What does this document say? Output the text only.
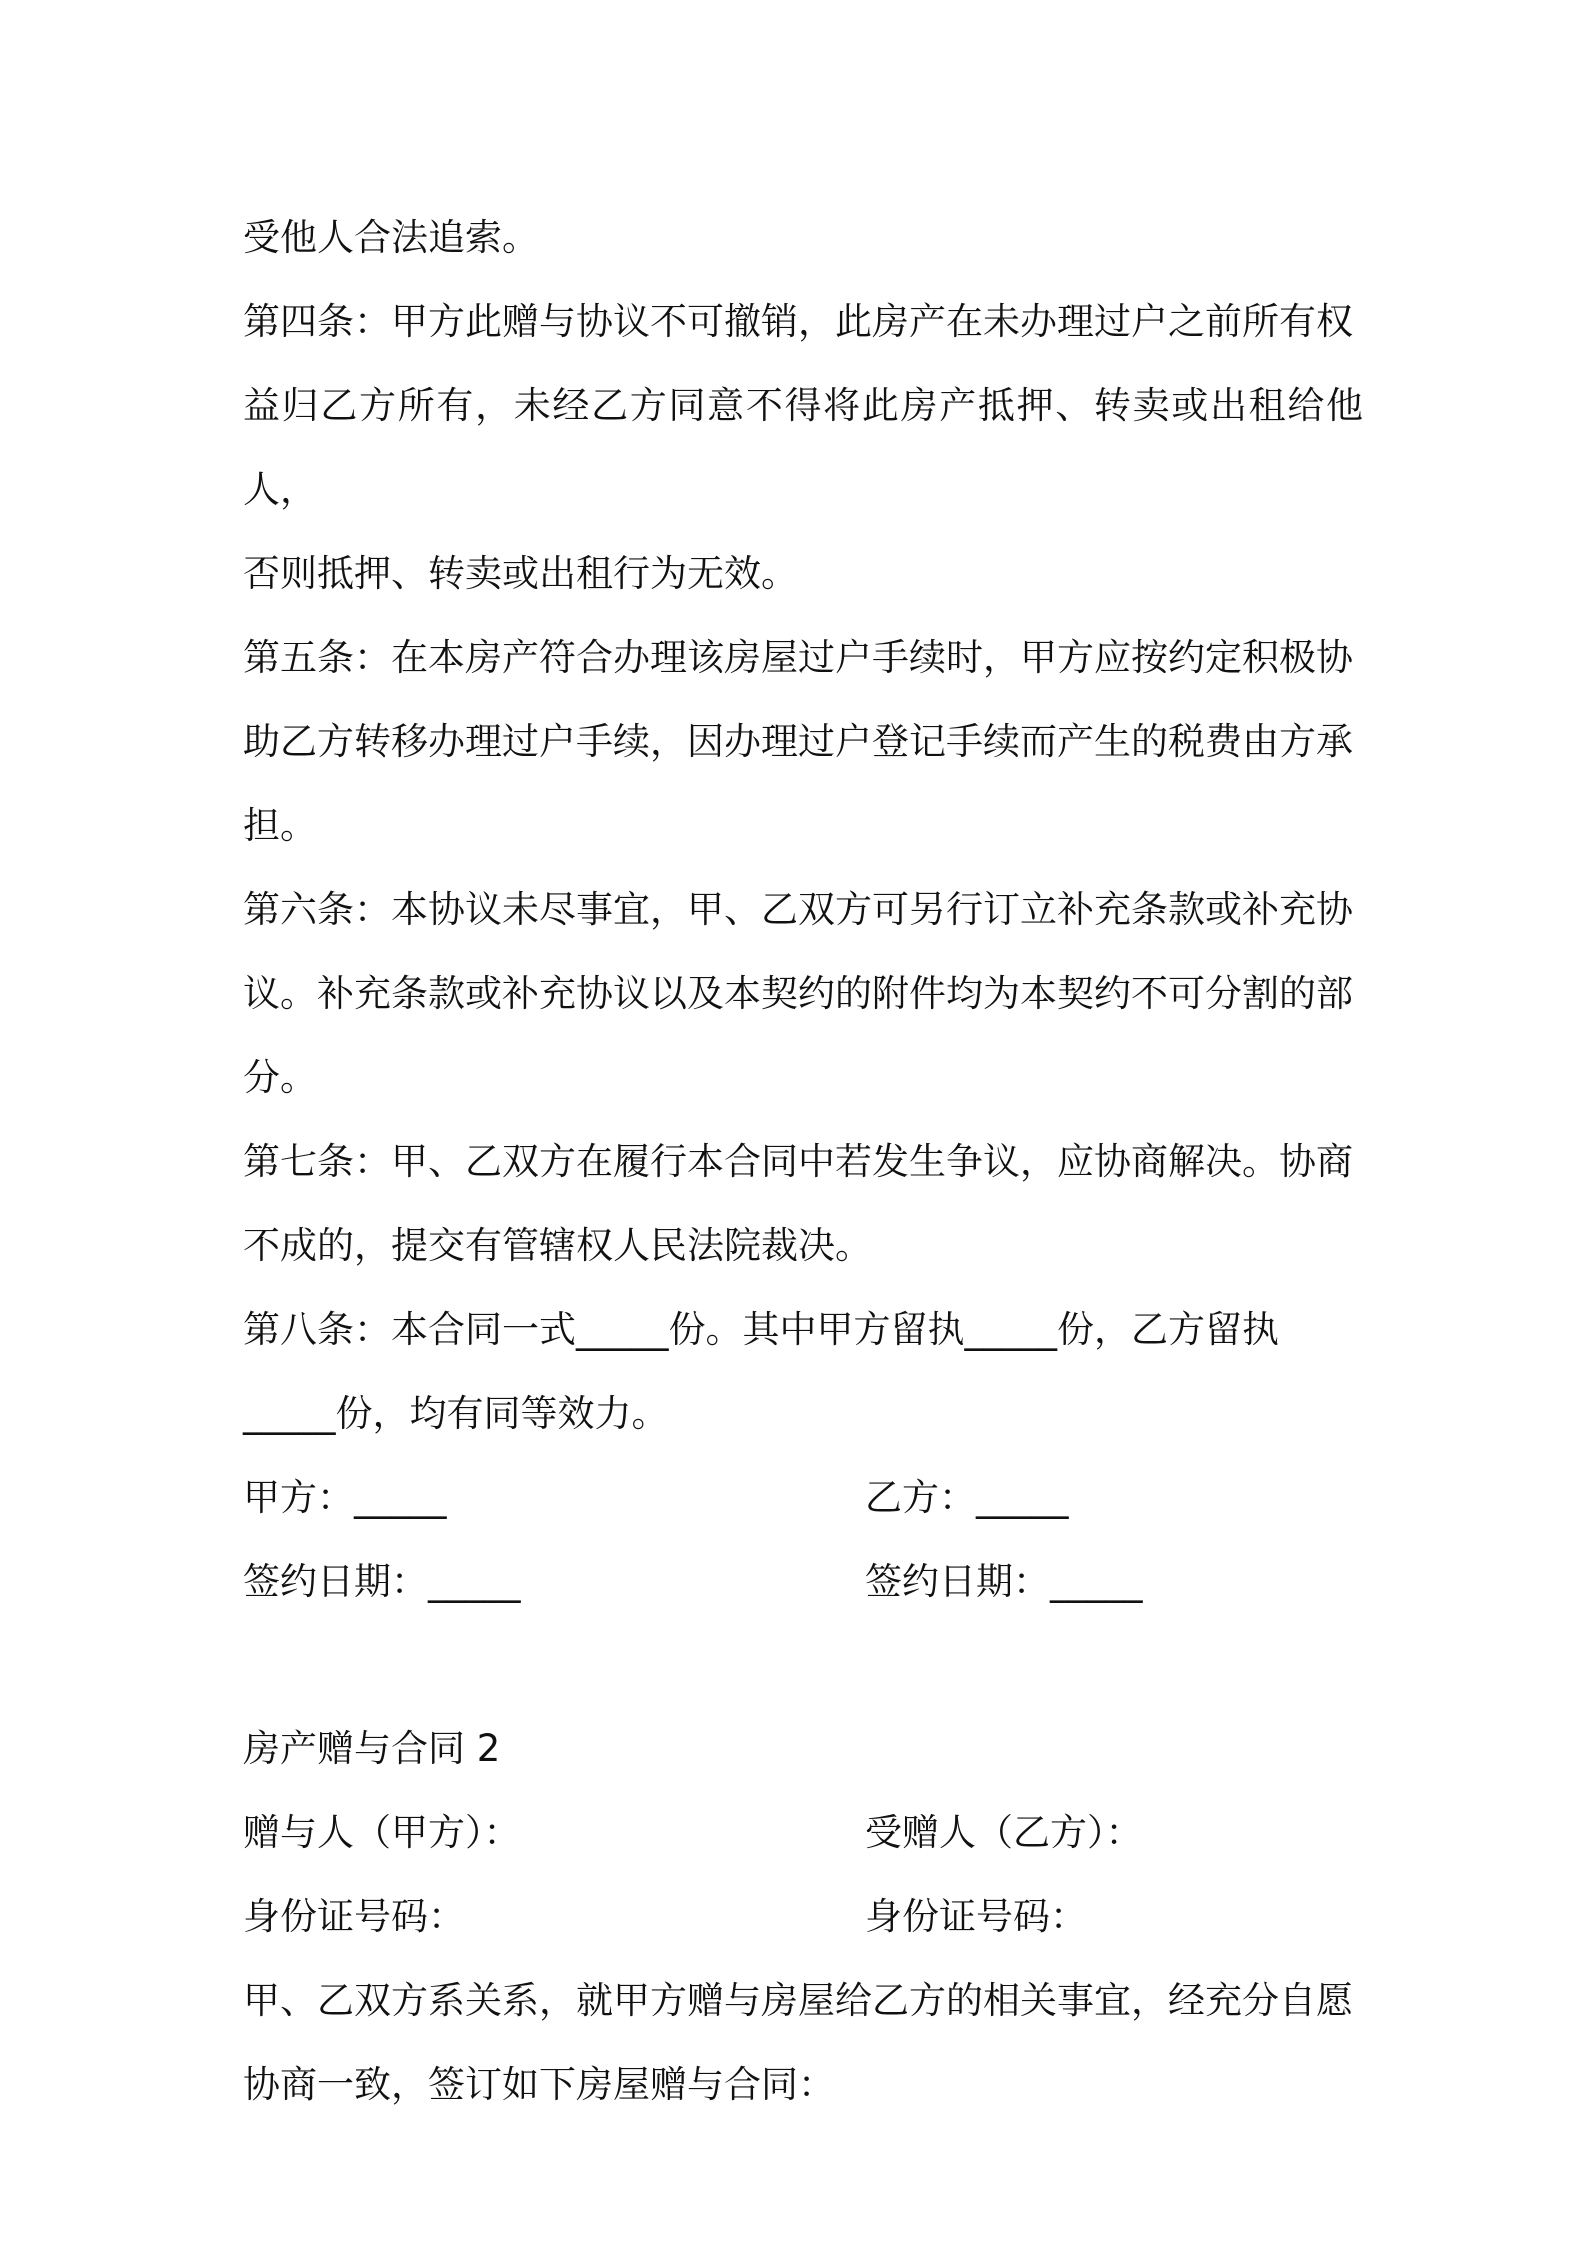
受他人合法追索。

第四条：甲方此赠与协议不可撤销，此房产在未办理过户之前所有权
益归乙方所有，未经乙方同意不得将此房产抵押、转卖或出租给他人，
否则抵押、转卖或出租行为无效。

第五条：在本房产符合办理该房屋过户手续时，甲方应按约定积极协
助乙方转移办理过户手续，因办理过户登记手续而产生的税费由方承
担。

第六条：本协议未尽事宜，甲、乙双方可另行订立补充条款或补充协
议。补充条款或补充协议以及本契约的附件均为本契约不可分割的部
分。

第七条：甲、乙双方在履行本合同中若发生争议，应协商解决。协商
不成的，提交有管辖权人民法院裁决。

第八条：本合同一式_____份。其中甲方留执_____份，乙方留执
_____份，均有同等效力。

甲方：_____	乙方：_____
签约日期：_____	签约日期：_____

房产赠与合同 2

赠与人（甲方）：	受赠人（乙方）：
身份证号码：	身份证号码：

甲、乙双方系关系，就甲方赠与房屋给乙方的相关事宜，经充分自愿
协商一致，签订如下房屋赠与合同：
